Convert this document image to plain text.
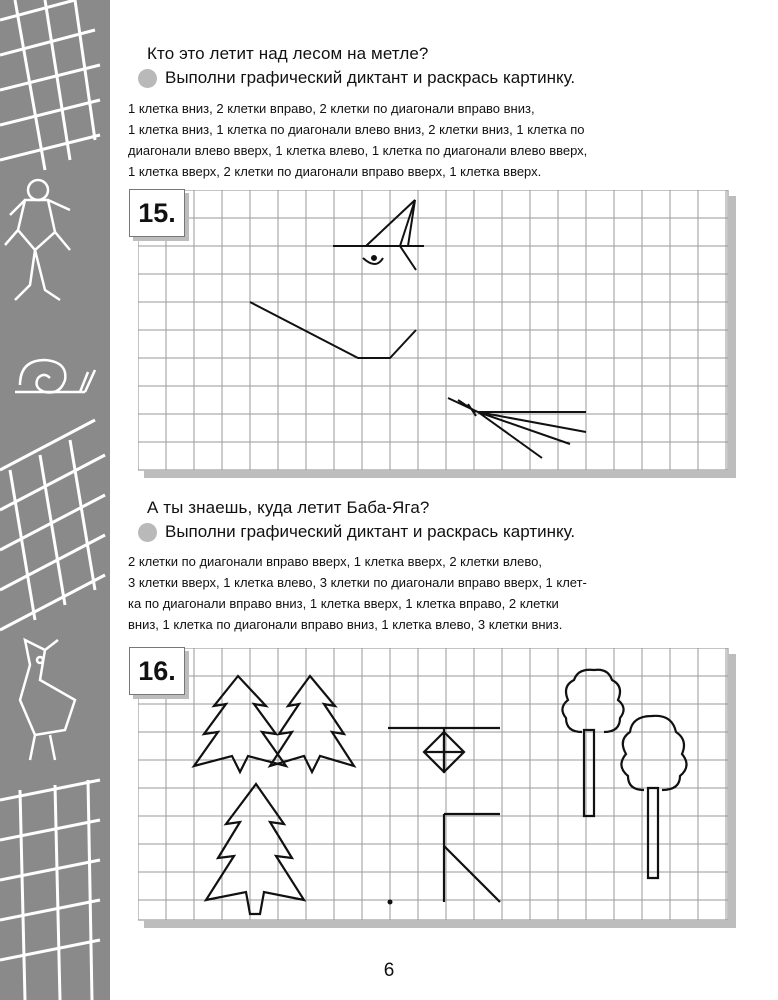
Кто это летит над лесом на метле?
Выполни графический диктант и раскрась картинку.
1 клетка вниз, 2 клетки вправо, 2 клетки по диагонали вправо вниз,
1 клетка вниз, 1 клетка по диагонали влево вниз, 2 клетки вниз, 1 клетка по
диагонали влево вверх, 1 клетка влево, 1 клетка по диагонали влево вверх,
1 клетка вверх, 2 клетки по диагонали вправо вверх, 1 клетка вверх.
15.
А ты знаешь, куда летит Баба-Яга?
Выполни графический диктант и раскрась картинку.
2 клетки по диагонали вправо вверх, 1 клетка вверх, 2 клетки влево,
3 клетки вверх, 1 клетка влево, 3 клетки по диагонали вправо вверх, 1 клет-
ка по диагонали вправо вниз, 1 клетка вверх, 1 клетка вправо, 2 клетки
вниз, 1 клетка по диагонали вправо вниз, 1 клетка влево, 3 клетки вниз.
16.
6
